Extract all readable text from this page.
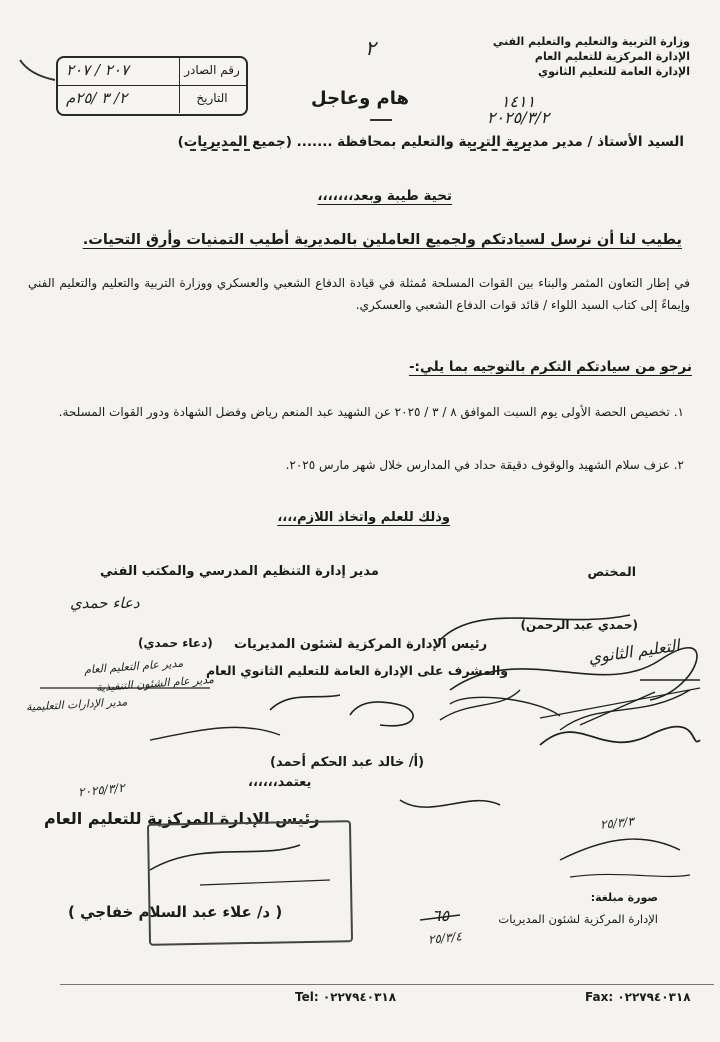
وزارة التربية والتعليم والتعليم الفني
الإدارة المركزية للتعليم العام
الإدارة العامة للتعليم الثانوي
٢
رقم الصادر
٢٠٧ / ٢٠٧
التاريخ
٢/ ٣ /٢٥م	هام وعاجل	١٤١١
٢٠٢٥/٣/٢
السيد الأستاذ / مدير مديرية التربية والتعليم بمحافظة ....... (جميع المديريات)
تحية طيبة وبعد،،،،،،،
يطيب لنا أن نرسل لسيادتكم ولجميع العاملين بالمديرية أطيب التمنيات وأرق التحيات.
في إطار التعاون المثمر والبناء بين القوات المسلحة مُمثلة في قيادة الدفاع الشعبي والعسكري ووزارة التربية والتعليم والتعليم الفني وإيماءً إلى كتاب السيد اللواء / قائد قوات الدفاع الشعبي والعسكري.
نرجو من سيادتكم التكرم بالتوجيه بما يلي:-
١. تخصيص الحصة الأولى يوم السبت الموافق ٨ / ٣ / ٢٠٢٥ عن الشهيد عبد المنعم رياض وفضل الشهادة ودور القوات المسلحة.
٢. عزف سلام الشهيد والوقوف دقيقة حداد في المدارس خلال شهر مارس ٢٠٢٥.
وذلك للعلم واتخاذ اللازم،،،،
المختص
مدير إدارة التنظيم المدرسي والمكتب الفني
(حمدي عبد الرحمن)
(دعاء حمدي) رئيس الإدارة المركزية لشئون المديريات
والمشرف على الإدارة العامة للتعليم الثانوي العام
(أ/ خالد عبد الحكم أحمد)
يعتمد،،،،،،
رئيس الإدارة المركزية للتعليم العام
( د/ علاء عبد السلام خفاجي )
دعاء حمدي
مدير عام التعليم العام
مدير عام الشئون التنفيذية
مدير الإدارات التعليمية
التعليم الثانوي
٢٠٢٥/٣/٢
٢٥/٣/٣
٢٥/٣/٤
٦٥
صورة مبلغة:
الإدارة المركزية لشئون المديريات
Tel: ٠٢٢٧٩٤٠٣١٨	Fax: ٠٢٢٧٩٤٠٣١٨
